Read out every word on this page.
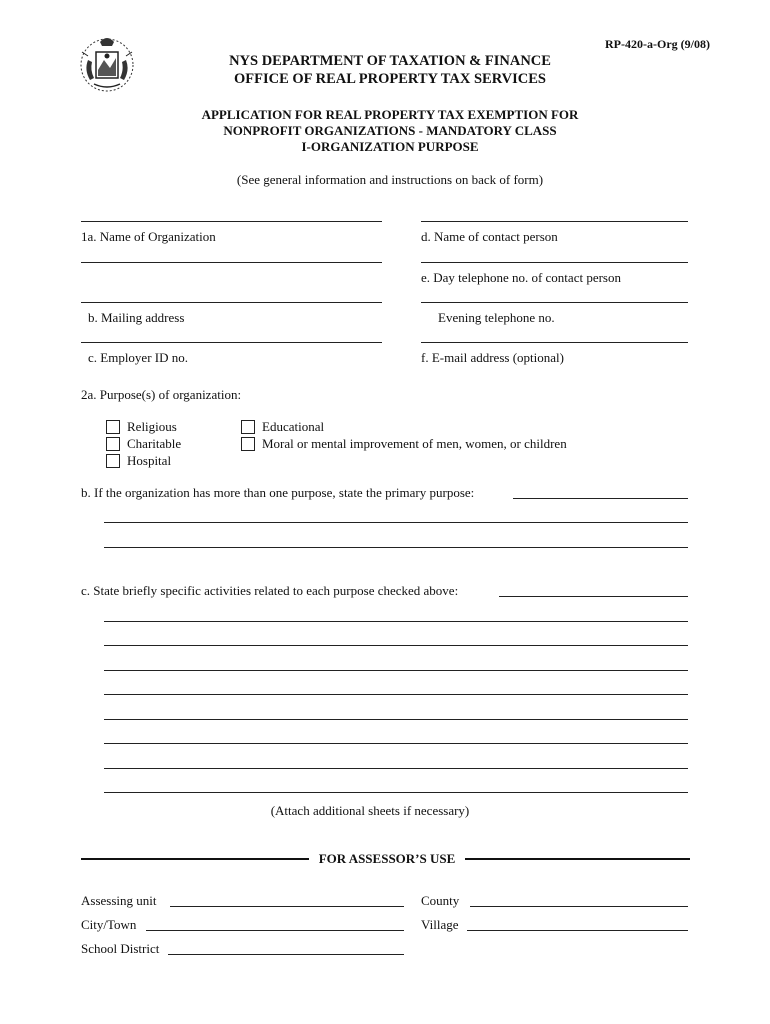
RP-420-a-Org (9/08)
NYS DEPARTMENT OF TAXATION & FINANCE
OFFICE OF REAL PROPERTY TAX SERVICES
APPLICATION FOR REAL PROPERTY TAX EXEMPTION FOR
NONPROFIT ORGANIZATIONS - MANDATORY CLASS
I-ORGANIZATION PURPOSE
(See general information and instructions on back of form)
1a. Name of Organization	d. Name of contact person
e. Day telephone no. of contact person
b. Mailing address	Evening telephone no.
c. Employer ID no.	f. E-mail address (optional)
2a. Purpose(s) of organization:
Religious
Charitable
Hospital
Educational
Moral or mental improvement of men, women, or children
b. If the organization has more than one purpose, state the primary purpose:
c. State briefly specific activities related to each purpose checked above:
(Attach additional sheets if necessary)
FOR ASSESSOR’S USE
Assessing unit	County
City/Town	Village
School District
